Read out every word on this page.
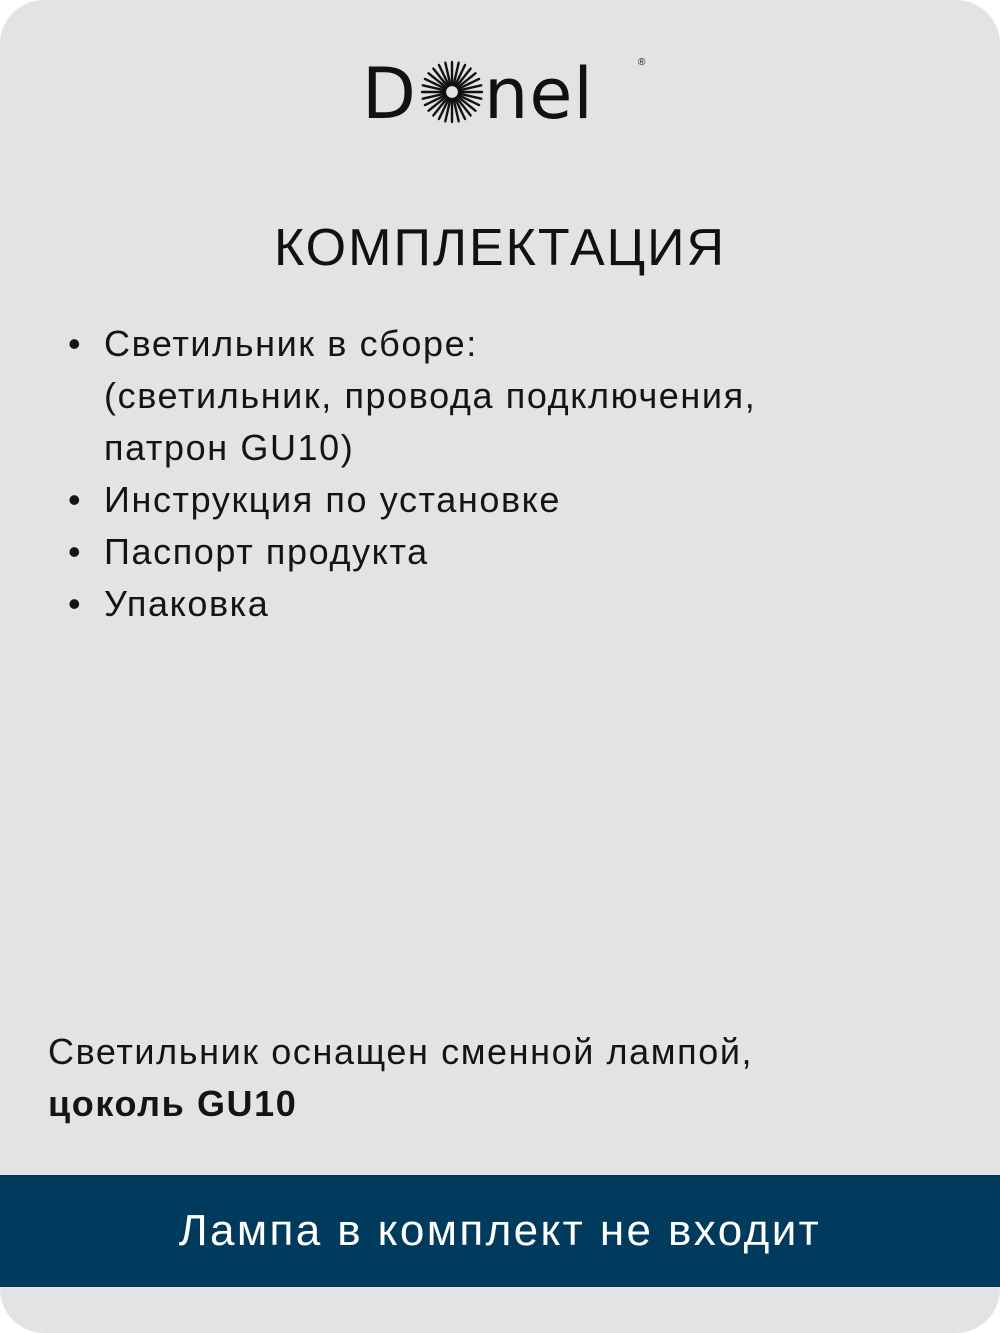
D nel	®
КОМПЛЕКТАЦИЯ
• Светильник в сборе:
(светильник, провода подключения,
патрон GU10)
• Инструкция по установке
• Паспорт продукта
• Упаковка
Светильник оснащен сменной лампой,
цоколь GU10
Лампа в комплект не входит
